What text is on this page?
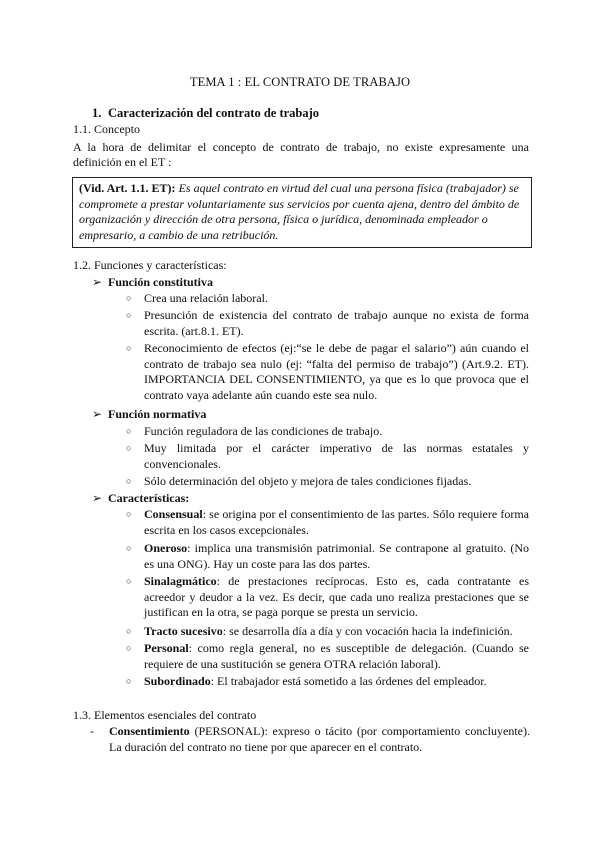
TEMA 1 : EL CONTRATO DE TRABAJO
1. Caracterización del contrato de trabajo
1.1. Concepto
A la hora de delimitar el concepto de contrato de trabajo, no existe expresamente una
definición en el ET :
(Vid. Art. 1.1. ET): Es aquel contrato en virtud del cual una persona física (trabajador) se compromete a prestar voluntariamente sus servicios por cuenta ajena, dentro del ámbito de organización y dirección de otra persona, física o jurídica, denominada empleador o empresario, a cambio de una retribución.
1.2. Funciones y características:
➢ Función constitutiva
○ Crea una relación laboral.
○ Presunción de existencia del contrato de trabajo aunque no exista de forma escrita. (art.8.1. ET).
○ Reconocimiento de efectos (ej:“se le debe de pagar el salario”) aún cuando el contrato de trabajo sea nulo (ej: “falta del permiso de trabajo”) (Art.9.2. ET). IMPORTANCIA DEL CONSENTIMIENTO, ya que es lo que provoca que el contrato vaya adelante aún cuando este sea nulo.
➢ Función normativa
○ Función reguladora de las condiciones de trabajo.
○ Muy limitada por el carácter imperativo de las normas estatales y convencionales.
○ Sólo determinación del objeto y mejora de tales condiciones fijadas.
➢ Características:
○ Consensual: se origina por el consentimiento de las partes. Sólo requiere forma escrita en los casos excepcionales.
○ Oneroso: implica una transmisión patrimonial. Se contrapone al gratuito. (No es una ONG). Hay un coste para las dos partes.
○ Sinalagmático: de prestaciones recíprocas. Esto es, cada contratante es acreedor y deudor a la vez. Es decir, que cada uno realiza prestaciones que se justifican en la otra, se paga porque se presta un servicio.
○ Tracto sucesivo: se desarrolla día a día y con vocación hacia la indefinición.
○ Personal: como regla general, no es susceptible de delegación. (Cuando se requiere de una sustitución se genera OTRA relación laboral).
○ Subordinado: El trabajador está sometido a las órdenes del empleador.
1.3. Elementos esenciales del contrato
- Consentimiento (PERSONAL): expreso o tácito (por comportamiento concluyente). La duración del contrato no tiene por que aparecer en el contrato.
